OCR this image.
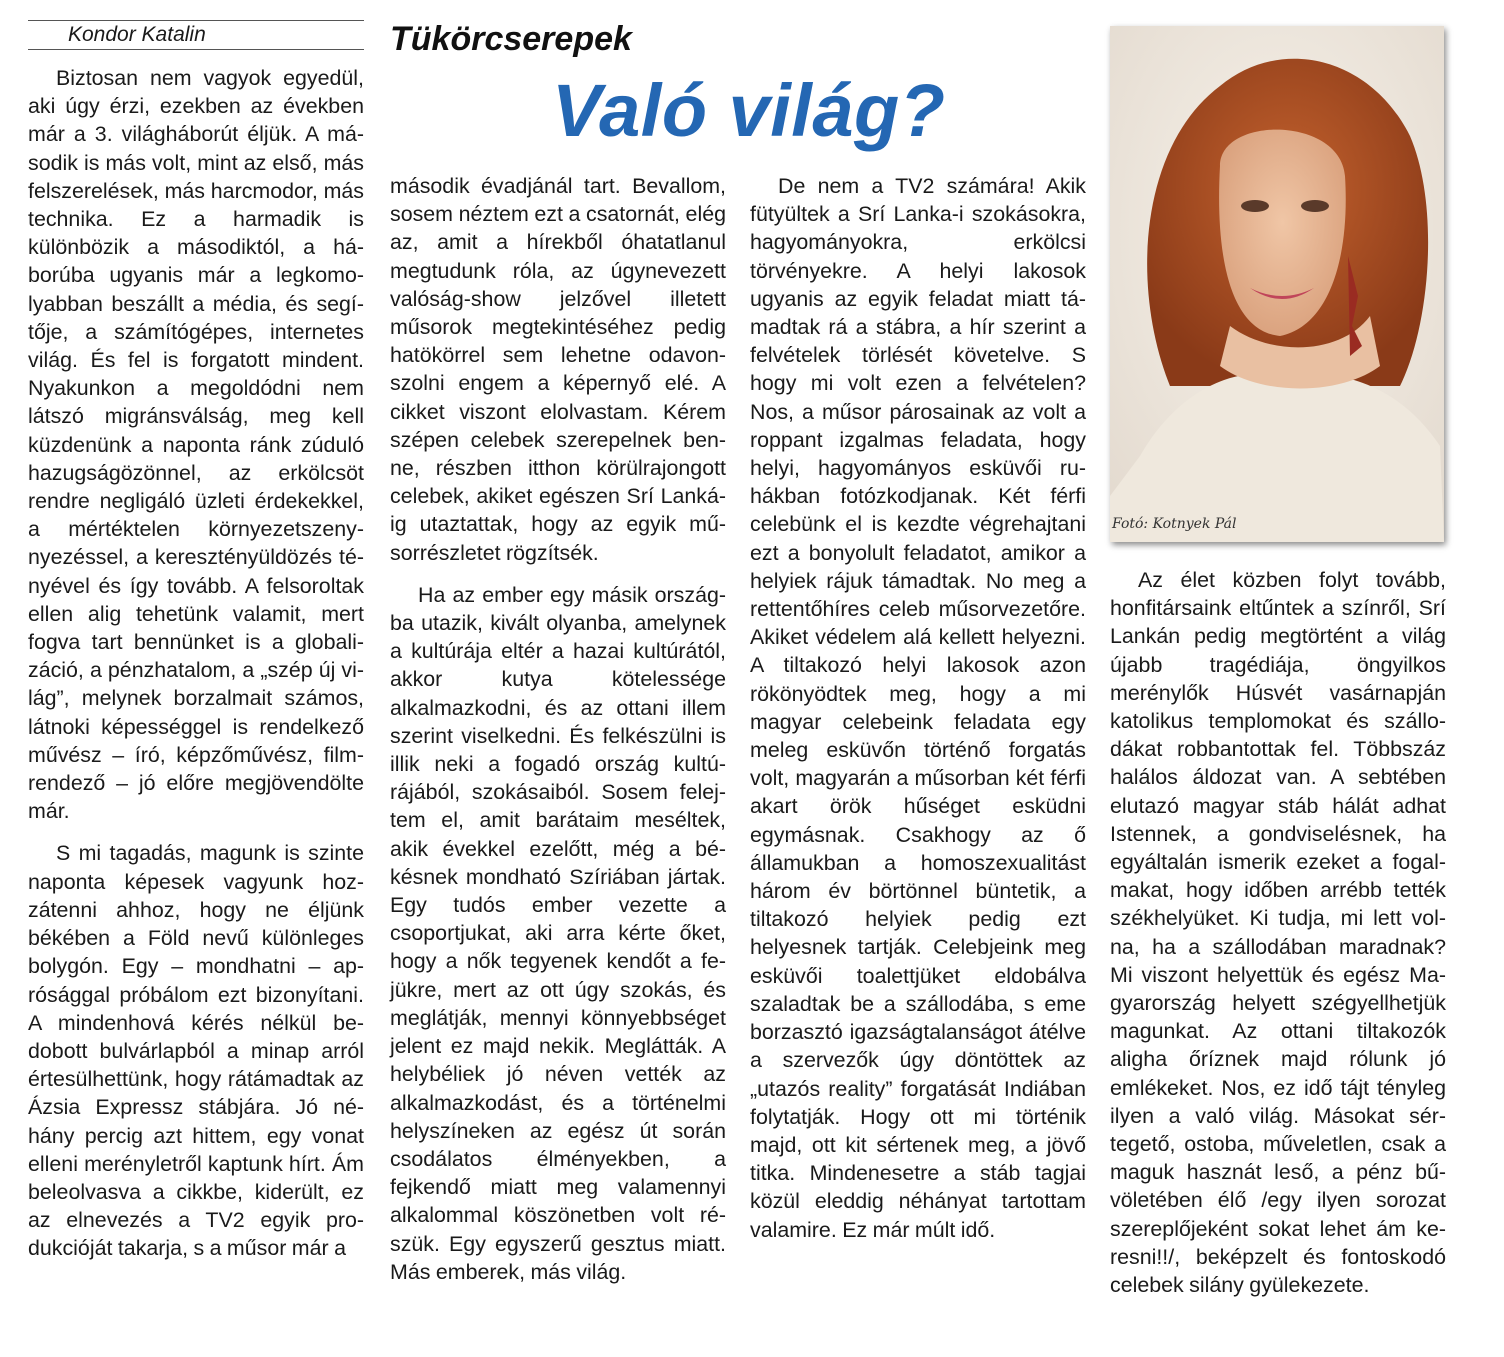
Kondor Katalin	Tükörcserepek
Való világ?

Biztosan nem vagyok egyedül, aki úgy érzi, ezekben az években már a 3. világháborút éljük. A második is más volt, mint az első, más felszerelések, más harcmodor, más technika. Ez a harmadik is különbözik a másodiktól, a háborúba ugyanis már a legkomolyabban beszállt a média, és segítője, a számítógépes, internetes világ. És fel is forgatott mindent. Nyakunkon a megoldódni nem látszó migránsválság, meg kell küzdenünk a naponta ránk zúduló hazugságözönnel, az erkölcsöt rendre negligáló üzleti érdekekkel, a mértéktelen környezetszenynyezéssel, a keresztényüldözés tényével és így tovább. A felsoroltak ellen alig tehetünk valamit, mert fogva tart bennünket is a globalizáció, a pénzhatalom, a „szép új világ”, melynek borzalmait számos, látnoki képességgel is rendelkező művész – író, képzőművész, filmrendező – jó előre megjövendölte már.

S mi tagadás, magunk is szinte naponta képesek vagyunk hozzátenni ahhoz, hogy ne éljünk békében a Föld nevű különleges bolygón. Egy – mondhatni – aprósággal próbálom ezt bizonyítani. A mindenhová kérés nélkül bedobott bulvárlapból a minap arról értesülhettünk, hogy rátámadtak az Ázsia Expressz stábjára. Jó néhány percig azt hittem, egy vonat elleni merényletről kaptunk hírt. Ám beleolvasva a cikkbe, kiderült, ez az elnevezés a TV2 egyik produkcióját takarja, s a műsor már a

második évadjánál tart. Bevallom, sosem néztem ezt a csatornát, elég az, amit a hírekből óhatatlanul megtudunk róla, az úgynevezett valóság-show jelzővel illetett műsorok megtekintéséhez pedig hatökörrel sem lehetne odavonszolni engem a képernyő elé. A cikket viszont elolvastam. Kérem szépen celebek szerepelnek benne, részben itthon körülrajongott celebek, akiket egészen Srí Lankáig utaztattak, hogy az egyik műsorrészletet rögzítsék.

Ha az ember egy másik országba utazik, kivált olyanba, amelynek a kultúrája eltér a hazai kultúrától, akkor kutya kötelessége alkalmazkodni, és az ottani illem szerint viselkedni. És felkészülni is illik neki a fogadó ország kultúrájából, szokásaiból. Sosem felejtem el, amit barátaim meséltek, akik évekkel ezelőtt, még a békésnek mondható Szíriában jártak. Egy tudós ember vezette a csoportjukat, aki arra kérte őket, hogy a nők tegyenek kendőt a fejükre, mert az ott úgy szokás, és meglátják, mennyi könnyebbséget jelent ez majd nekik. Meglátták. A helybéliek jó néven vették az alkalmazkodást, és a történelmi helyszíneken az egész út során csodálatos élményekben, a fejkendő miatt meg valamennyi alkalommal köszönetben volt részük. Egy egyszerű gesztus miatt. Más emberek, más világ.

De nem a TV2 számára! Akik fütyültek a Srí Lanka-i szokásokra, hagyományokra, erkölcsi törvényekre. A helyi lakosok ugyanis az egyik feladat miatt támadtak rá a stábra, a hír szerint a felvételek törlését követelve. S hogy mi volt ezen a felvételen? Nos, a műsor párosainak az volt a roppant izgalmas feladata, hogy helyi, hagyományos esküvői ruhákban fotózkodjanak. Két férfi celebünk el is kezdte végrehajtani ezt a bonyolult feladatot, amikor a helyiek rájuk támadtak. No meg a rettentőhíres celeb műsorvezetőre. Akiket védelem alá kellett helyezni. A tiltakozó helyi lakosok azon rökönyödtek meg, hogy a mi magyar celebeink feladata egy meleg esküvőn történő forgatás volt, magyarán a műsorban két férfi akart örök hűséget esküdni egymásnak. Csakhogy az ő államukban a homoszexualitást három év börtönnel büntetik, a tiltakozó helyiek pedig ezt helyesnek tartják. Celebjeink meg esküvői toalettjüket eldobálva szaladtak be a szállodába, s eme borzasztó igazságtalanságot átélve a szervezők úgy döntöttek az „utazós reality” forgatását Indiában folytatják. Hogy ott mi történik majd, ott kit sértenek meg, a jövő titka. Mindenesetre a stáb tagjai közül eleddig néhányat tartottam valamire. Ez már múlt idő.

Fotó: Kotnyek Pál

Az élet közben folyt tovább, honfitársaink eltűntek a színről, Srí Lankán pedig megtörtént a világ újabb tragédiája, öngyilkos merénylők Húsvét vasárnapján katolikus templomokat és szállodákat robbantottak fel. Többszáz halálos áldozat van. A sebtében elutazó magyar stáb hálát adhat Istennek, a gondviselésnek, ha egyáltalán ismerik ezeket a fogalmakat, hogy időben arrébb tették székhelyüket. Ki tudja, mi lett volna, ha a szállodában maradnak? Mi viszont helyettük és egész Magyarország helyett szégyellhetjük magunkat. Az ottani tiltakozók aligha őríznek majd rólunk jó emlékeket. Nos, ez idő tájt tényleg ilyen a való világ. Másokat sértegető, ostoba, műveletlen, csak a maguk hasznát leső, a pénz bűvöletében élő /egy ilyen sorozat szereplőjeként sokat lehet ám keresni!!/, beképzelt és fontoskodó celebek silány gyülekezete.
